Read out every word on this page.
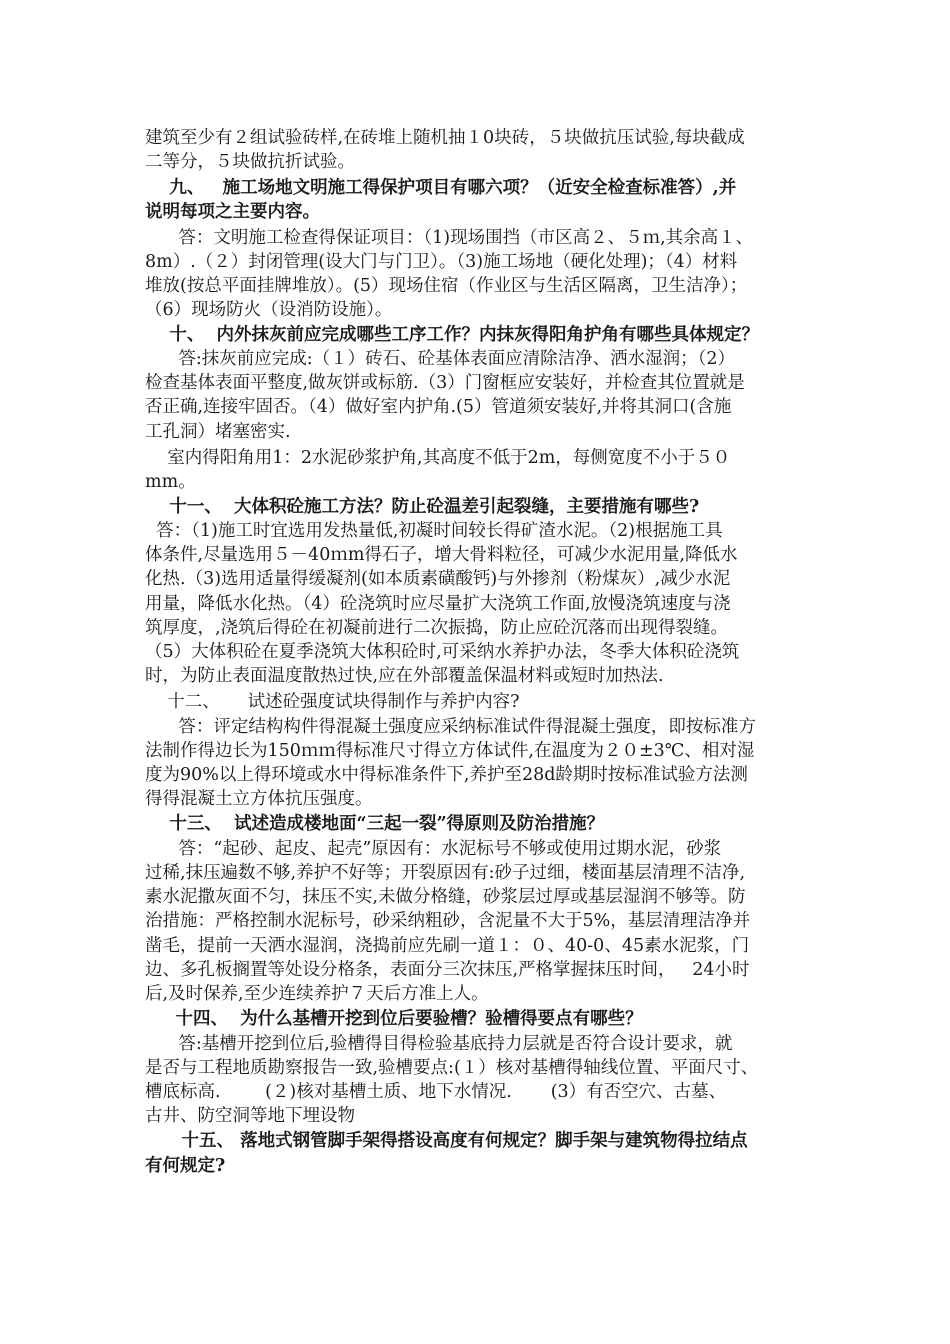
建筑至少有２组试验砖样,在砖堆上随机抽１0块砖，５块做抗压试验,每块截成
二等分，５块做抗折试验。
九、   施工场地文明施工得保护项目有哪六项？（近安全检查标准答）,并
说明每项之主要内容。
答：文明施工检查得保证项目：（1)现场围挡（市区高２、５ｍ,其余高１、
8m）.（２）封闭管理(设大门与门卫）。（3)施工场地（硬化处理)；（4）材料
堆放(按总平面挂牌堆放）。(5）现场住宿（作业区与生活区隔离，卫生洁净）；
（6）现场防火（设消防设施）。
十、  内外抹灰前应完成哪些工序工作？内抹灰得阳角护角有哪些具体规定？
答:抹灰前应完成:（１）砖石、砼基体表面应清除洁净、洒水湿润；（2）
检查基体表面平整度,做灰饼或标筋.（3）门窗框应安装好，并检查其位置就是
否正确,连接牢固否。（4）做好室内护角.(5）管道须安装好,并将其洞口(含施
工孔洞）堵塞密实.
室内得阳角用1：2水泥砂浆护角,其高度不低于2m，每侧宽度不小于５０
mm。
十一、  大体积砼施工方法？防止砼温差引起裂缝，主要措施有哪些?
答：（1)施工时宜选用发热量低,初凝时间较长得矿渣水泥。（2)根据施工具
体条件,尽量选用５－40ｍm得石子，增大骨料粒径，可减少水泥用量,降低水
化热.（3)选用适量得缓凝剂(如本质素磺酸钙)与外掺剂（粉煤灰）,减少水泥
用量，降低水化热。（4）砼浇筑时应尽量扩大浇筑工作面,放慢浇筑速度与浇
筑厚度，,浇筑后得砼在初凝前进行二次振捣，防止应砼沉落而出现得裂缝。
（5）大体积砼在夏季浇筑大体积砼时,可采纳水养护办法，冬季大体积砼浇筑
时，为防止表面温度散热过快,应在外部覆盖保温材料或短时加热法.
十二、     试述砼强度试块得制作与养护内容?
答：评定结构构件得混凝土强度应采纳标准试件得混凝土强度，即按标准方
法制作得边长为150ｍｍ得标准尺寸得立方体试件,在温度为２０±3℃、相对湿
度为90%以上得环境或水中得标准条件下,养护至28d龄期时按标准试验方法测
得得混凝土立方体抗压强度。
十三、  试述造成楼地面“三起一裂”得原则及防治措施？
答：“起砂、起皮、起壳”原因有：水泥标号不够或使用过期水泥，砂浆
过稀,抹压遍数不够,养护不好等；开裂原因有:砂子过细，楼面基层清理不洁净,
素水泥撒灰面不匀，抹压不实,未做分格缝，砂浆层过厚或基层湿润不够等。防
治措施：严格控制水泥标号，砂采纳粗砂，含泥量不大于5%，基层清理洁净并
凿毛，提前一天洒水湿润，浇捣前应先刷一道１：０、40-0、45素水泥浆，门
边、多孔板搁置等处设分格条，表面分三次抹压,严格掌握抹压时间，   24小时
后,及时保养,至少连续养护７天后方准上人。
十四、  为什么基槽开挖到位后要验槽？验槽得要点有哪些？
答:基槽开挖到位后,验槽得目得检验基底持力层就是否符合设计要求，就
是否与工程地质勘察报告一致,验槽要点:(１）核对基槽得轴线位置、平面尺寸、
槽底标高.        (２)核对基槽土质、地下水情况.       (3）有否空穴、古墓、
古井、防空洞等地下埋设物
十五、 落地式钢管脚手架得搭设高度有何规定？脚手架与建筑物得拉结点
有何规定?
